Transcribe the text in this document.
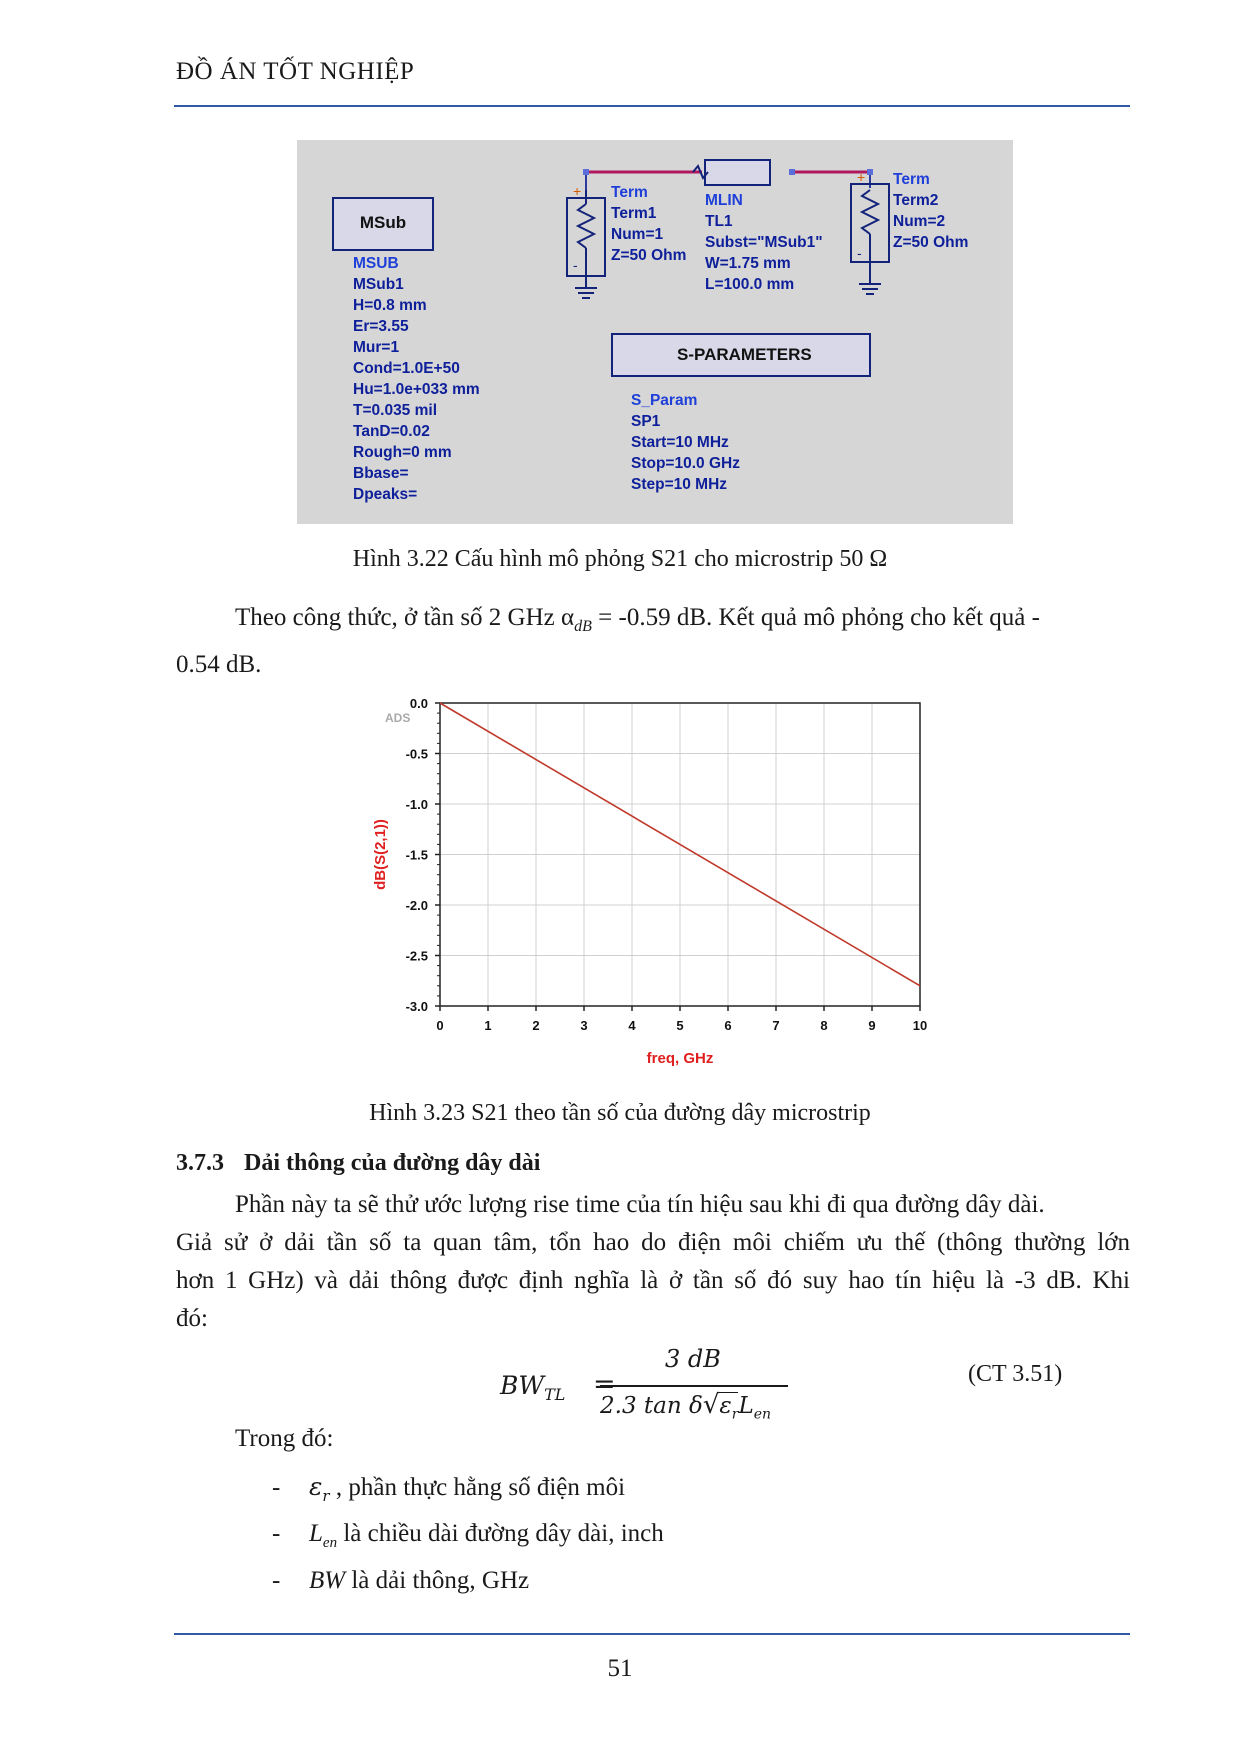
ĐỒ ÁN TỐT NGHIỆP
+
-
+
-
MSub
MSUB
MSub1
H=0.8 mm
Er=3.55
Mur=1
Cond=1.0E+50
Hu=1.0e+033 mm
T=0.035 mil
TanD=0.02
Rough=0 mm
Bbase=
Dpeaks=
Term
Term1
Num=1
Z=50 Ohm
MLIN
TL1
Subst="MSub1"
W=1.75 mm
L=100.0 mm
Term
Term2
Num=2
Z=50 Ohm
S-PARAMETERS
S_Param
SP1
Start=10 MHz
Stop=10.0 GHz
Step=10 MHz
Hình 3.22 Cấu hình mô phỏng S21 cho microstrip 50 Ω
Theo công thức, ở tần số 2 GHz $\alpha_{dB} = -0.59$ dB. Kết quả mô phỏng cho kết quả -
0.54 dB.
0	1	2	3	4	5	6	7	8	9	10
0.0
-0.5
-1.0
-1.5
-2.0
-2.5
-3.0
ADS
freq, GHz
dB(S(2,1))
Hình 3.23 S21 theo tần số của đường dây microstrip
3.7.3 Dải thông của đường dây dài
Phần này ta sẽ thử ước lượng rise time của tín hiệu sau khi đi qua đường dây dài.
Giả sử ở dải tần số ta quan tâm, tổn hao do điện môi chiếm ưu thế (thông thường lớn
hơn 1 GHz) và dải thông được định nghĩa là ở tần số đó suy hao tín hiệu là -3 dB. Khi
đó:
$BW_{TL}$ =
3 dB
2.3 $\tan \delta√\varepsilon_rL_{en}$
(CT 3.51)
Trong đó:
- $\varepsilon_r$ , phần thực hằng số điện môi
- $L_{en}$ là chiều dài đường dây dài, inch
- BW là dải thông, GHz
51
